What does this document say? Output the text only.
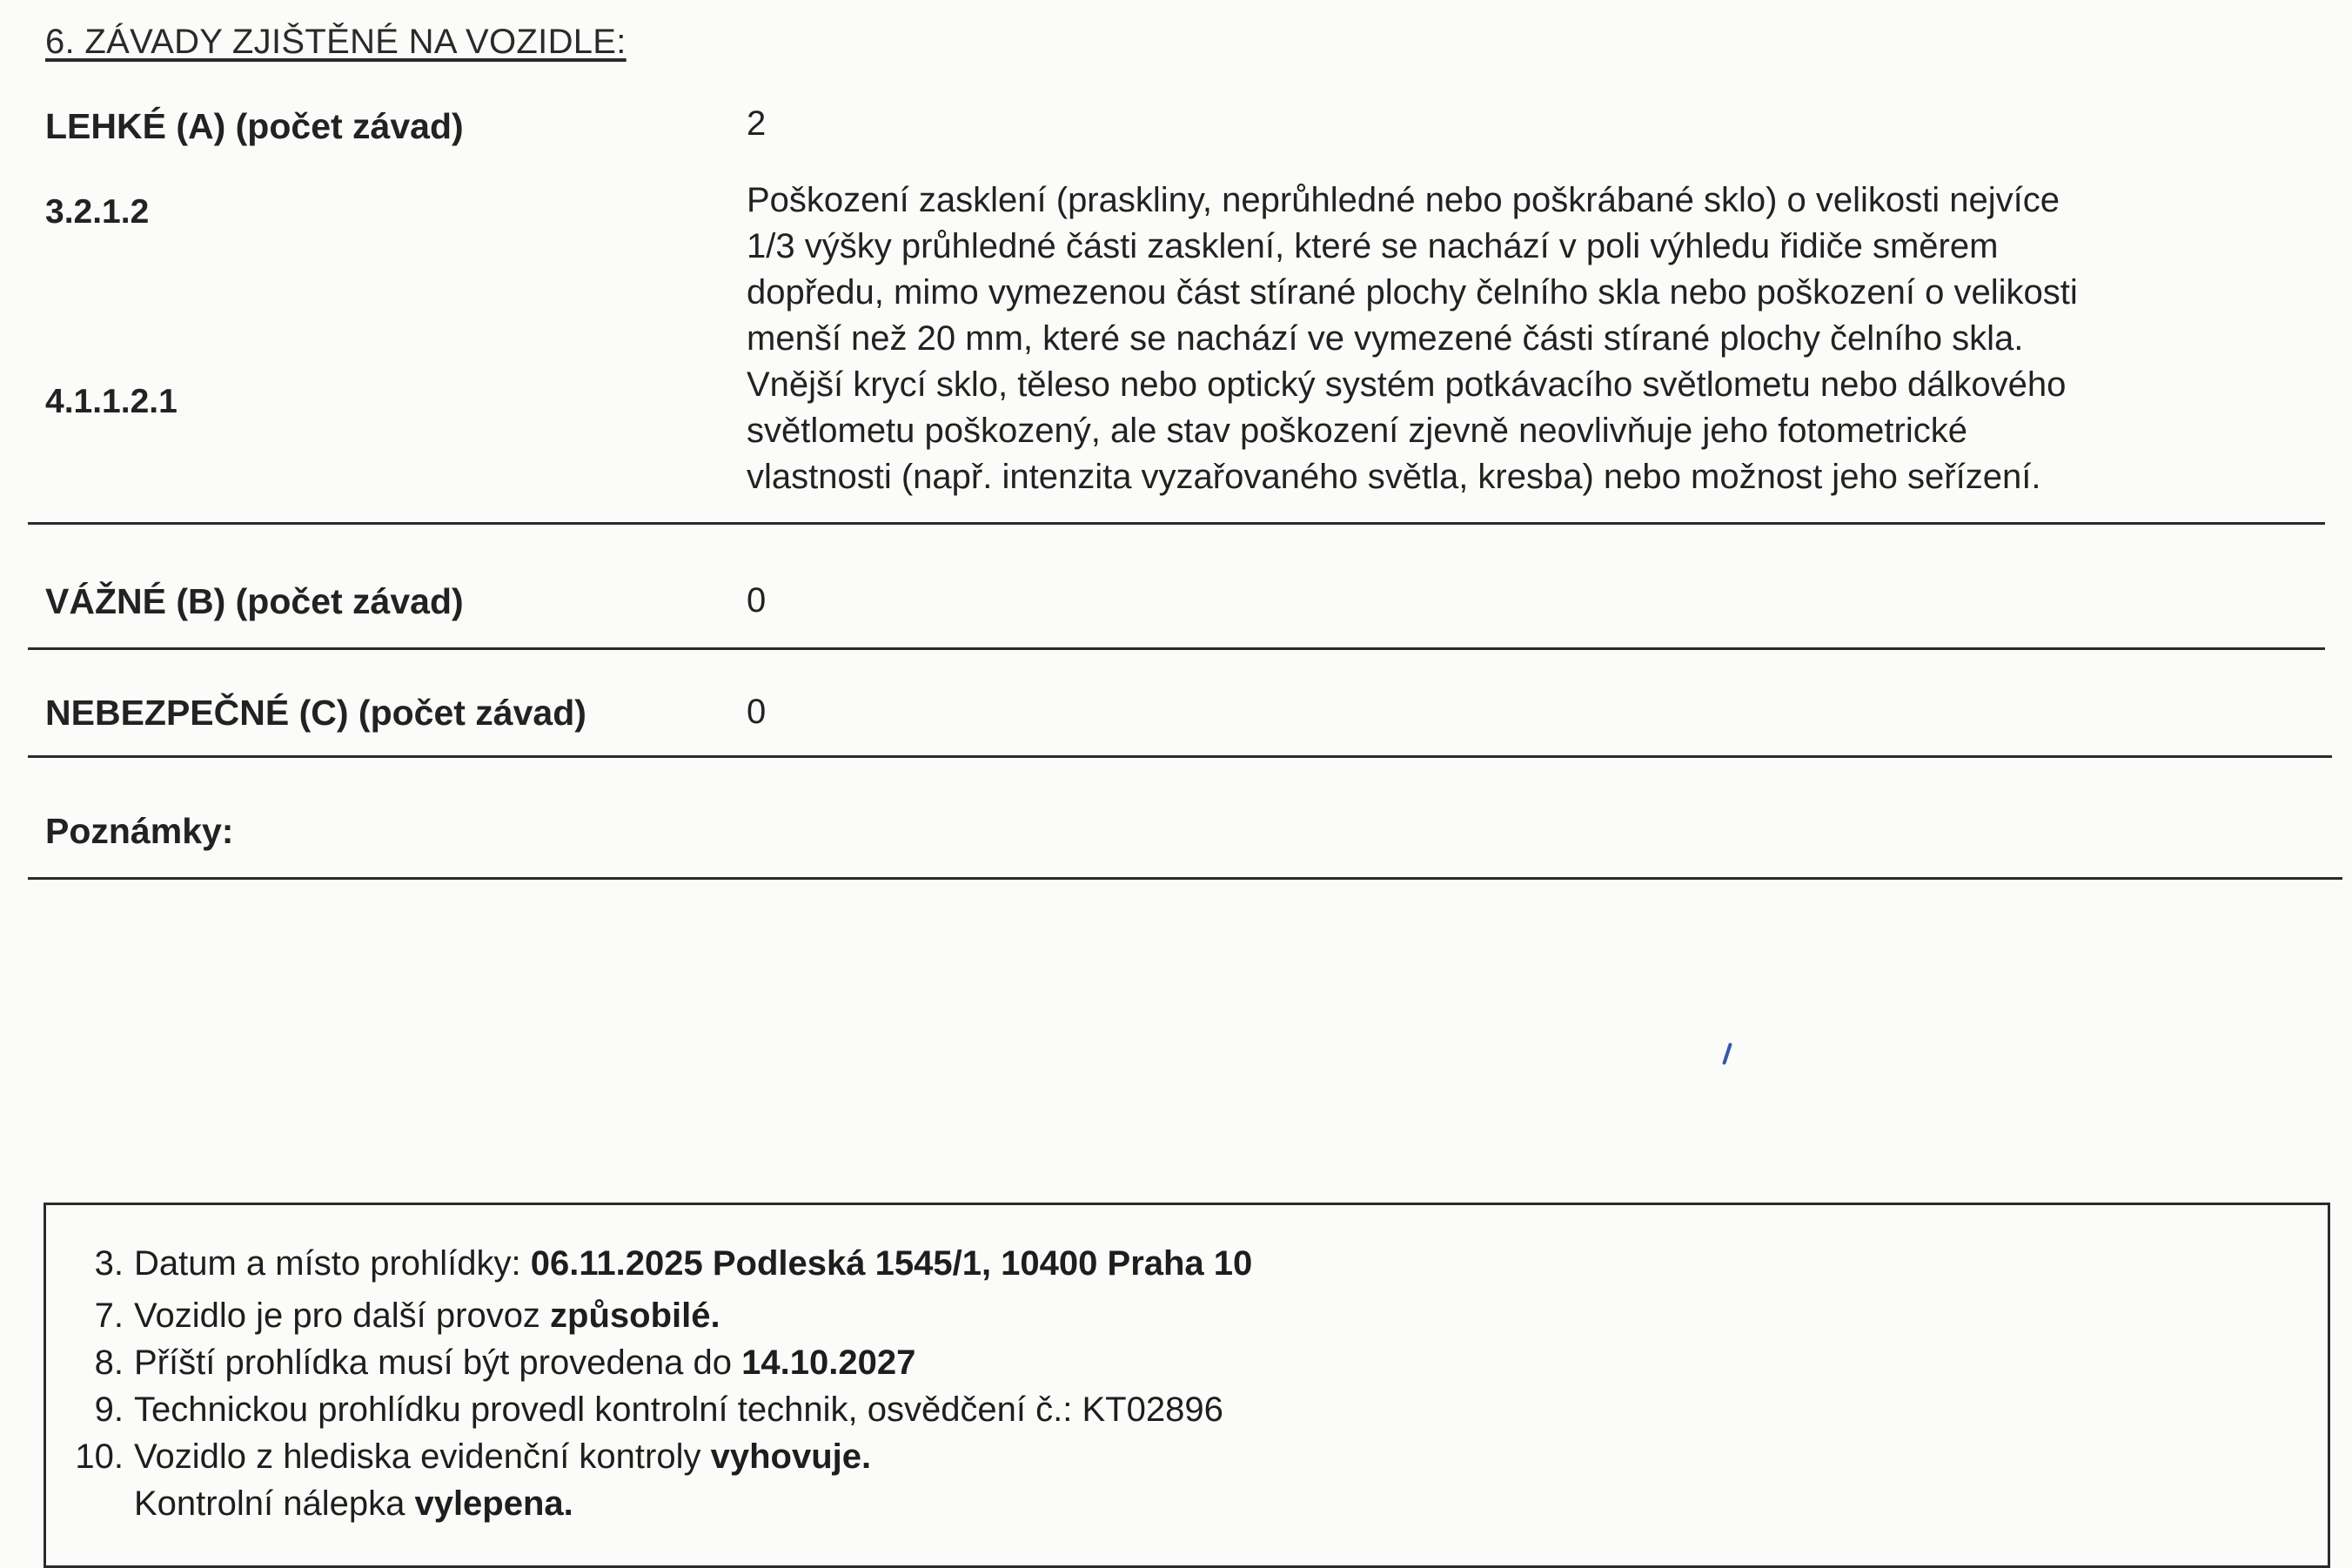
6. ZÁVADY ZJIŠTĚNÉ NA VOZIDLE:
LEHKÉ (A) (počet závad)	2
3.2.1.2	Poškození zasklení (praskliny, neprůhledné nebo poškrábané sklo) o velikosti nejvíce
1/3 výšky průhledné části zasklení, které se nachází v poli výhledu řidiče směrem
dopředu, mimo vymezenou část stírané plochy čelního skla nebo poškození o velikosti
menší než 20 mm, které se nachází ve vymezené části stírané plochy čelního skla.
4.1.1.2.1	Vnější krycí sklo, těleso nebo optický systém potkávacího světlometu nebo dálkového
světlometu poškozený, ale stav poškození zjevně neovlivňuje jeho fotometrické
vlastnosti (např. intenzita vyzařovaného světla, kresba) nebo možnost jeho seřízení.
VÁŽNÉ (B) (počet závad)	0
NEBEZPEČNÉ (C) (počet závad)	0
Poznámky:
3. Datum a místo prohlídky: 06.11.2025 Podleská 1545/1, 10400 Praha 10
7. Vozidlo je pro další provoz způsobilé.
8. Příští prohlídka musí být provedena do 14.10.2027
9. Technickou prohlídku provedl kontrolní technik, osvědčení č.: KT02896
10. Vozidlo z hlediska evidenční kontroly vyhovuje.
Kontrolní nálepka vylepena.
